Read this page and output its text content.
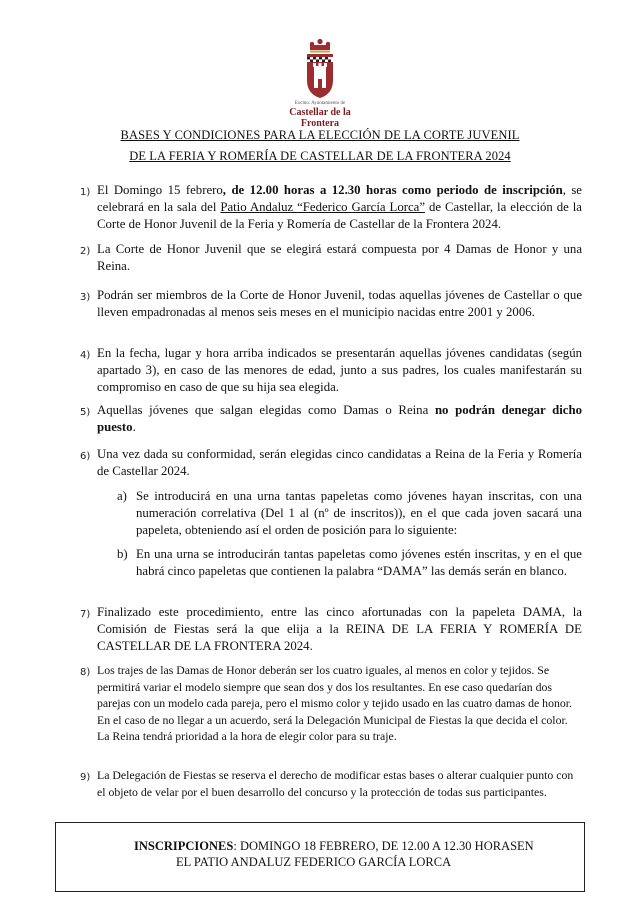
Excmo. Ayuntamiento de
Castellar de la Frontera
BASES Y CONDICIONES PARA LA ELECCIÓN DE LA CORTE JUVENIL
DE LA FERIA Y ROMERÍA DE CASTELLAR DE LA FRONTERA 2024
1) El Domingo 15 febrero, de 12.00 horas a 12.30 horas como periodo de inscripción, se celebrará en la sala del Patio Andaluz “Federico García Lorca” de Castellar, la elección de la Corte de Honor Juvenil de la Feria y Romería de Castellar de la Frontera 2024.
2) La Corte de Honor Juvenil que se elegirá estará compuesta por 4 Damas de Honor y una Reina.
3) Podrán ser miembros de la Corte de Honor Juvenil, todas aquellas jóvenes de Castellar o que lleven empadronadas al menos seis meses en el municipio nacidas entre 2001 y 2006.
4) En la fecha, lugar y hora arriba indicados se presentarán aquellas jóvenes candidatas (según apartado 3), en caso de las menores de edad, junto a sus padres, los cuales manifestarán su compromiso en caso de que su hija sea elegida.
5) Aquellas jóvenes que salgan elegidas como Damas o Reina no podrán denegar dicho puesto.
6) Una vez dada su conformidad, serán elegidas cinco candidatas a Reina de la Feria y Romería de Castellar 2024.
a) Se introducirá en una urna tantas papeletas como jóvenes hayan inscritas, con una numeración correlativa (Del 1 al (nº de inscritos)), en el que cada joven sacará una papeleta, obteniendo así el orden de posición para lo siguiente:
b) En una urna se introducirán tantas papeletas como jóvenes estén inscritas, y en el que habrá cinco papeletas que contienen la palabra “DAMA” las demás serán en blanco.
7) Finalizado este procedimiento, entre las cinco afortunadas con la papeleta DAMA, la Comisión de Fiestas será la que elija a la REINA DE LA FERIA Y ROMERÍA DE CASTELLAR DE LA FRONTERA 2024.
8) Los trajes de las Damas de Honor deberán ser los cuatro iguales, al menos en color y tejidos. Se permitirá variar el modelo siempre que sean dos y dos los resultantes. En ese caso quedarían dos parejas con un modelo cada pareja, pero el mismo color y tejido usado en las cuatro damas de honor. En el caso de no llegar a un acuerdo, será la Delegación Municipal de Fiestas la que decida el color. La Reina tendrá prioridad a la hora de elegir color para su traje.
9) La Delegación de Fiestas se reserva el derecho de modificar estas bases o alterar cualquier punto con el objeto de velar por el buen desarrollo del concurso y la protección de todas sus participantes.
INSCRIPCIONES: DOMINGO 18 FEBRERO, DE 12.00 A 12.30 HORASEN
EL PATIO ANDALUZ FEDERICO GARCÍA LORCA
